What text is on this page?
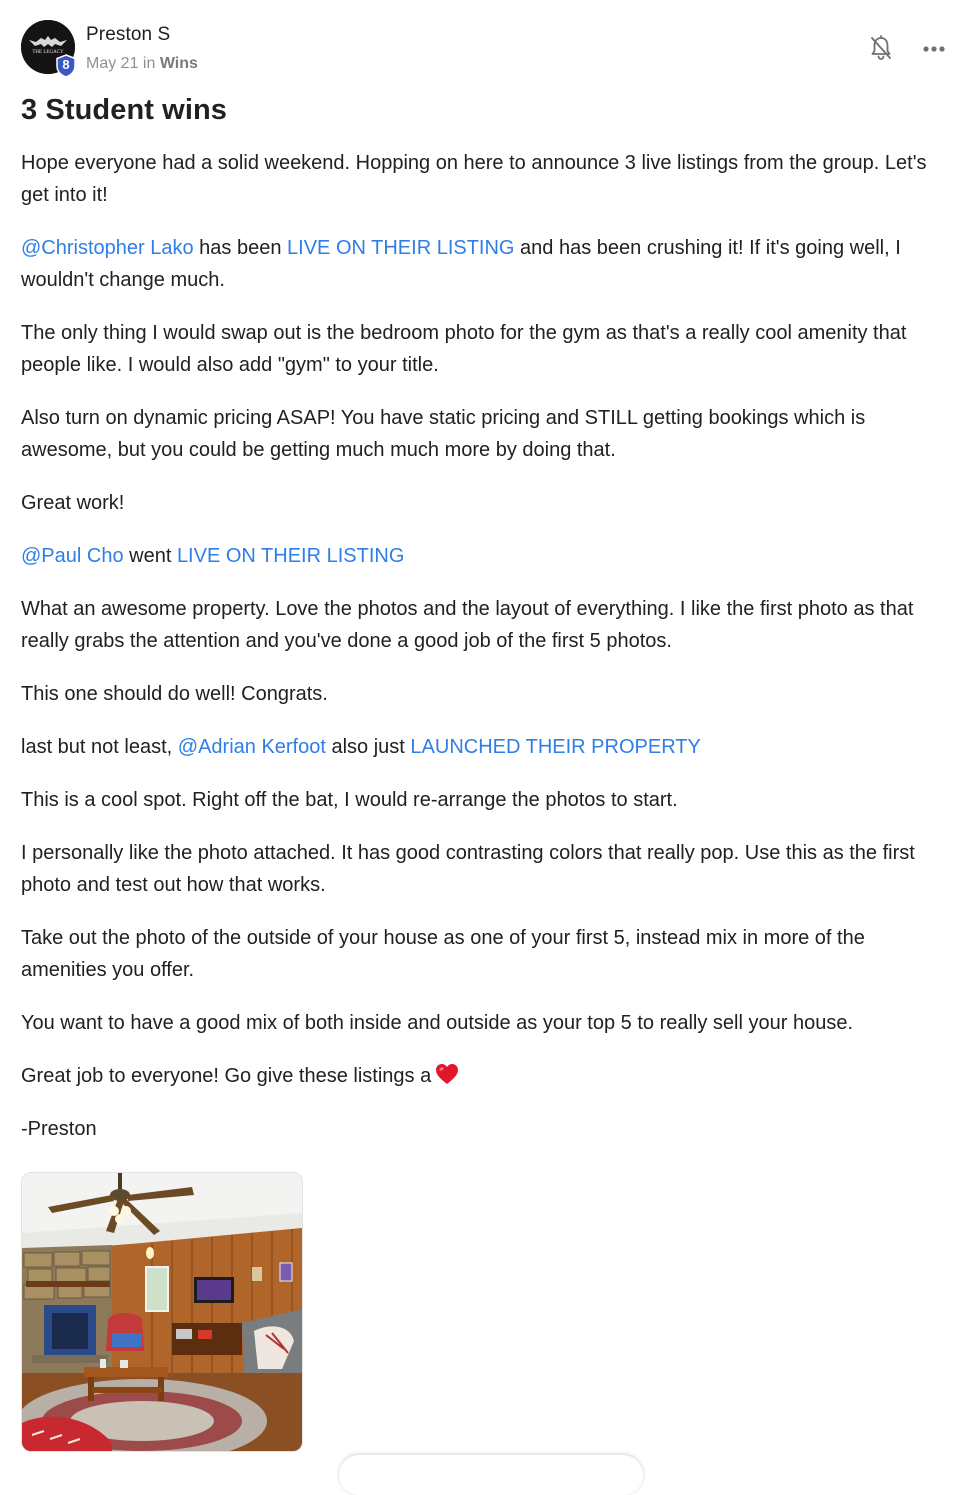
THE LEGACY
8
Preston S
May 21 in Wins
3 Student wins

Hope everyone had a solid weekend. Hopping on here to announce 3 live listings from the group. Let's get into it!

@Christopher Lako has been LIVE ON THEIR LISTING and has been crushing it! If it's going well, I wouldn't change much.

The only thing I would swap out is the bedroom photo for the gym as that's a really cool amenity that people like. I would also add "gym" to your title.

Also turn on dynamic pricing ASAP! You have static pricing and STILL getting bookings which is awesome, but you could be getting much much more by doing that.

Great work!

@Paul Cho went LIVE ON THEIR LISTING

What an awesome property. Love the photos and the layout of everything. I like the first photo as that really grabs the attention and you've done a good job of the first 5 photos.

This one should do well! Congrats.

last but not least, @Adrian Kerfoot also just LAUNCHED THEIR PROPERTY

This is a cool spot. Right off the bat, I would re-arrange the photos to start.

I personally like the photo attached. It has good contrasting colors that really pop. Use this as the first photo and test out how that works.

Take out the photo of the outside of your house as one of your first 5, instead mix in more of the amenities you offer.

You want to have a good mix of both inside and outside as your top 5 to really sell your house.

Great job to everyone! Go give these listings a

-Preston
